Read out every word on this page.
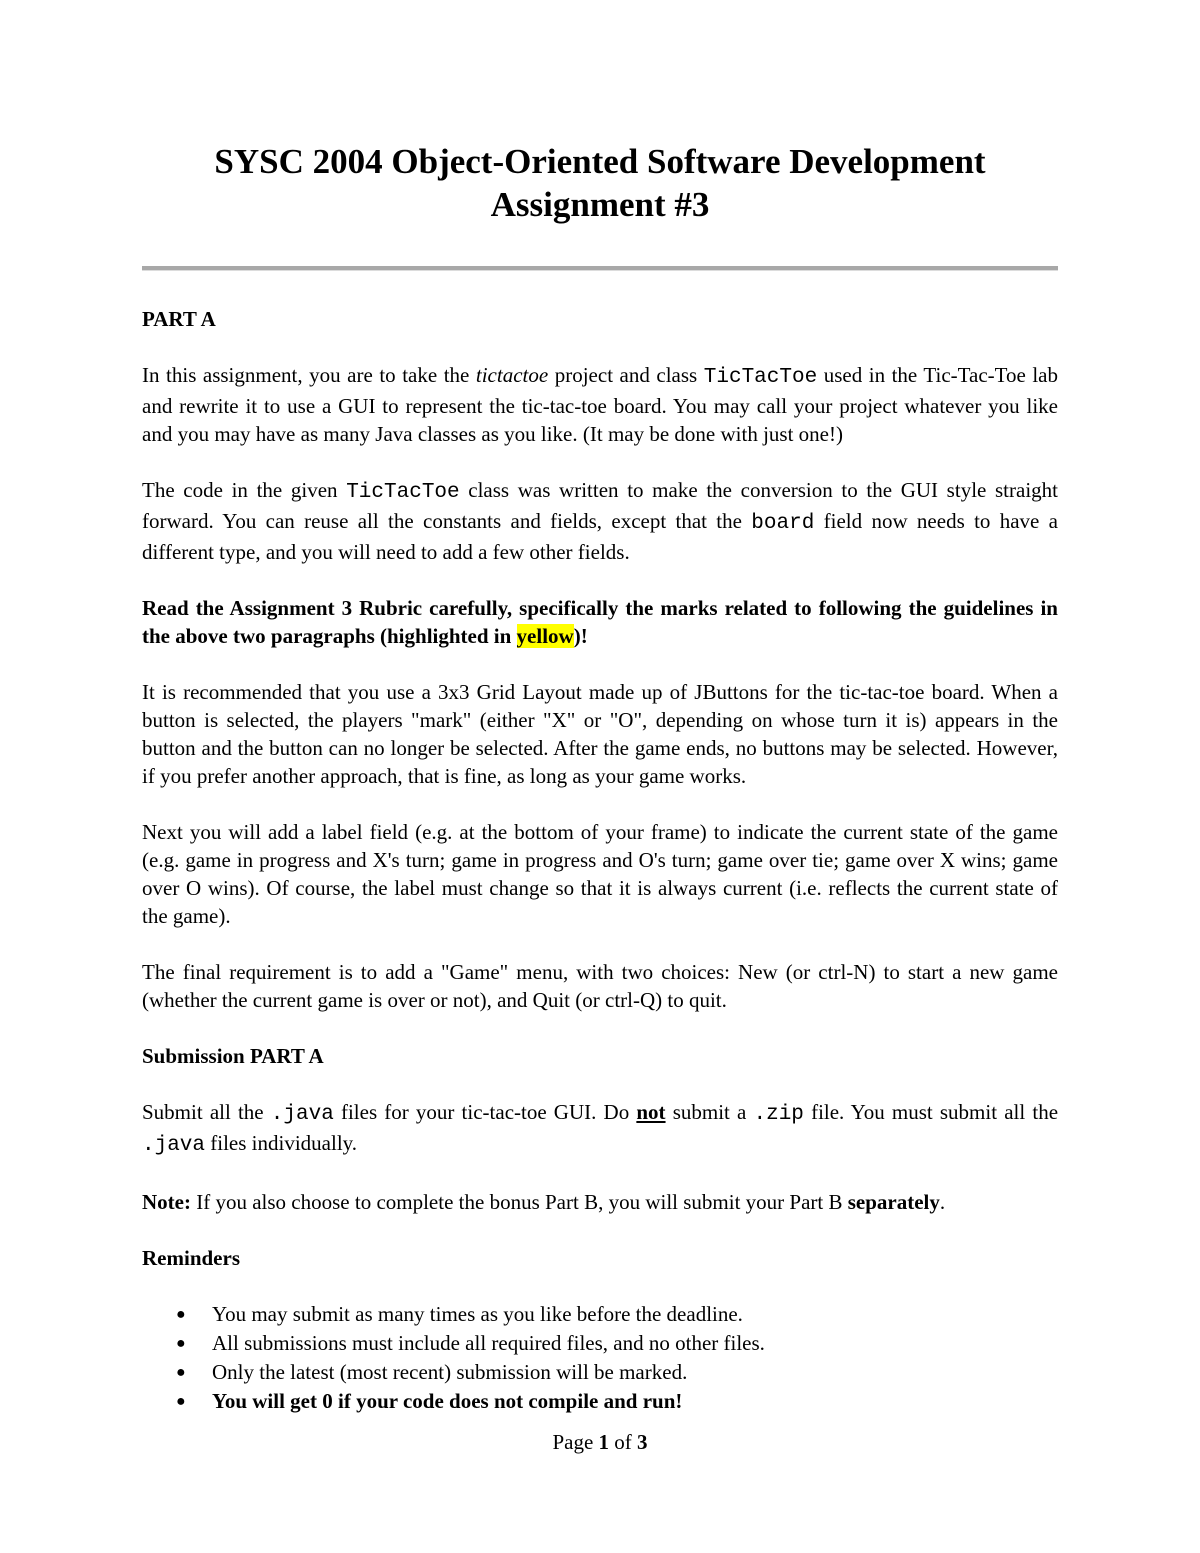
SYSC 2004 Object-Oriented Software Development
Assignment #3

PART A

In this assignment, you are to take the tictactoe project and class TicTacToe used in the Tic-Tac-Toe lab and rewrite it to use a GUI to represent the tic-tac-toe board. You may call your project whatever you like and you may have as many Java classes as you like. (It may be done with just one!)

The code in the given TicTacToe class was written to make the conversion to the GUI style straight forward. You can reuse all the constants and fields, except that the board field now needs to have a different type, and you will need to add a few other fields.

Read the Assignment 3 Rubric carefully, specifically the marks related to following the guidelines in the above two paragraphs (highlighted in yellow)!

It is recommended that you use a 3x3 Grid Layout made up of JButtons for the tic-tac-toe board. When a button is selected, the players "mark" (either "X" or "O", depending on whose turn it is) appears in the button and the button can no longer be selected. After the game ends, no buttons may be selected. However, if you prefer another approach, that is fine, as long as your game works.

Next you will add a label field (e.g. at the bottom of your frame) to indicate the current state of the game (e.g. game in progress and X's turn; game in progress and O's turn; game over tie; game over X wins; game over O wins). Of course, the label must change so that it is always current (i.e. reflects the current state of the game).

The final requirement is to add a "Game" menu, with two choices: New (or ctrl-N) to start a new game (whether the current game is over or not), and Quit (or ctrl-Q) to quit.

Submission PART A

Submit all the .java files for your tic-tac-toe GUI. Do not submit a .zip file. You must submit all the .java files individually.

Note: If you also choose to complete the bonus Part B, you will submit your Part B separately.

Reminders

● You may submit as many times as you like before the deadline.
● All submissions must include all required files, and no other files.
● Only the latest (most recent) submission will be marked.
● You will get 0 if your code does not compile and run!
Page 1 of 3
